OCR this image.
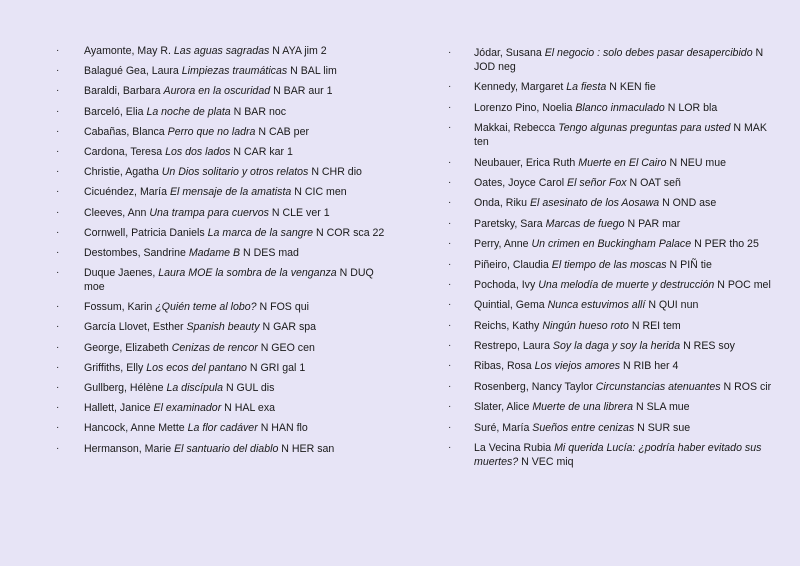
·	Ayamonte, May R. Las aguas sagradas N AYA jim 2
·	Balagué Gea, Laura Limpiezas traumáticas N BAL lim
·	Baraldi, Barbara Aurora en la oscuridad N BAR aur 1
·	Barceló, Elia La noche de plata N BAR noc
·	Cabañas, Blanca Perro que no ladra N CAB per
·	Cardona, Teresa Los dos lados N CAR kar 1
·	Christie, Agatha Un Dios solitario y otros relatos N CHR dio
·	Cicuéndez, María El mensaje de la amatista N CIC men
·	Cleeves, Ann Una trampa para cuervos N CLE ver 1
·	Cornwell, Patricia Daniels La marca de la sangre N COR sca 22
·	Destombes, Sandrine Madame B N DES mad
·	Duque Jaenes, Laura MOE la sombra de la venganza N DUQ moe
·	Fossum, Karin ¿Quién teme al lobo? N FOS qui
·	García Llovet, Esther Spanish beauty N GAR spa
·	George, Elizabeth Cenizas de rencor N GEO cen
·	Griffiths, Elly Los ecos del pantano N GRI gal 1
·	Gullberg, Hélène La discípula N GUL dis
·	Hallett, Janice El examinador N HAL exa
·	Hancock, Anne Mette La flor cadáver N HAN flo
·	Hermanson, Marie El santuario del diablo N HER san
·	Jódar, Susana El negocio : solo debes pasar desapercibido N JOD neg
·	Kennedy, Margaret La fiesta N KEN fie
·	Lorenzo Pino, Noelia Blanco inmaculado N LOR bla
·	Makkai, Rebecca Tengo algunas preguntas para usted N MAK ten
·	Neubauer, Erica Ruth Muerte en El Cairo N NEU mue
·	Oates, Joyce Carol El señor Fox N OAT señ
·	Onda, Riku El asesinato de los Aosawa N OND ase
·	Paretsky, Sara Marcas de fuego N PAR mar
·	Perry, Anne Un crimen en Buckingham Palace N PER tho 25
·	Piñeiro, Claudia El tiempo de las moscas N PIÑ tie
·	Pochoda, Ivy Una melodía de muerte y destrucción N POC mel
·	Quintial, Gema Nunca estuvimos allí N QUI nun
·	Reichs, Kathy Ningún hueso roto N REI tem
·	Restrepo, Laura Soy la daga y soy la herida N RES soy
·	Ribas, Rosa Los viejos amores N RIB her 4
·	Rosenberg, Nancy Taylor Circunstancias atenuantes N ROS cir
·	Slater, Alice Muerte de una librera N SLA mue
·	Suré, María Sueños entre cenizas N SUR sue
·	La Vecina Rubia Mi querida Lucía: ¿podría haber evitado sus muertes? N VEC miq
